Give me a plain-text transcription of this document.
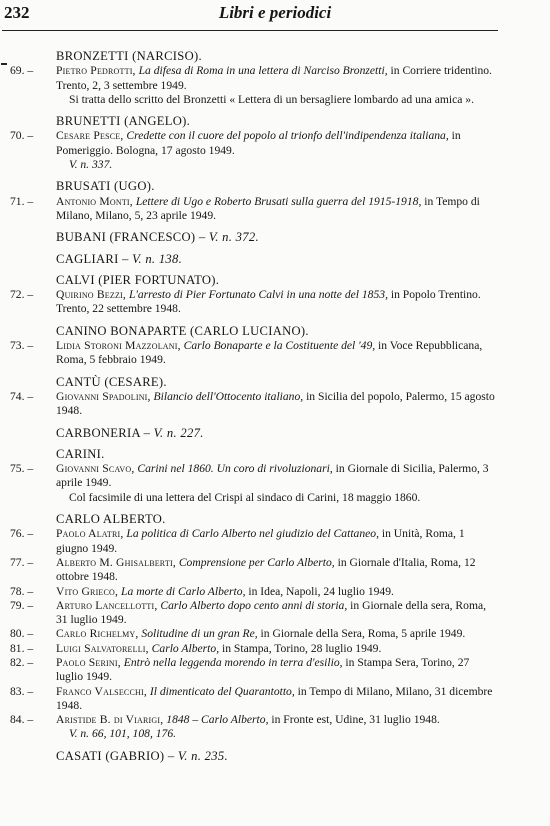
232	Libri e periodici
BRONZETTI (NARCISO).
69. –	Pietro Pedrotti, La difesa di Roma in una lettera di Narciso Bronzetti, in Corriere tridentino. Trento, 2, 3 settembre 1949.
Si tratta dello scritto del Bronzetti « Lettera di un bersagliere lombardo ad una amica ».
BRUNETTI (ANGELO).
70. –	Cesare Pesce, Credette con il cuore del popolo al trionfo dell'indipendenza italiana, in Pomeriggio. Bologna, 17 agosto 1949.
V. n. 337.
BRUSATI (UGO).
71. –	Antonio Monti, Lettere di Ugo e Roberto Brusati sulla guerra del 1915-1918, in Tempo di Milano, Milano, 5, 23 aprile 1949.
BUBANI (FRANCESCO) – V. n. 372.
CAGLIARI – V. n. 138.
CALVI (PIER FORTUNATO).
72. –	Quirino Bezzi, L'arresto di Pier Fortunato Calvi in una notte del 1853, in Popolo Trentino. Trento, 22 settembre 1948.
CANINO BONAPARTE (CARLO LUCIANO).
73. –	Lidia Storoni Mazzolani, Carlo Bonaparte e la Costituente del '49, in Voce Repubblicana, Roma, 5 febbraio 1949.
CANTÙ (CESARE).
74. –	Giovanni Spadolini, Bilancio dell'Ottocento italiano, in Sicilia del popolo, Palermo, 15 agosto 1948.
CARBONERIA – V. n. 227.
CARINI.
75. –	Giovanni Scavo, Carini nel 1860. Un coro di rivoluzionari, in Giornale di Sicilia, Palermo, 3 aprile 1949.
Col facsimile di una lettera del Crispi al sindaco di Carini, 18 maggio 1860.
CARLO ALBERTO.
76. –	Paolo Alatri, La politica di Carlo Alberto nel giudizio del Cattaneo, in Unità, Roma, 1 giugno 1949.
77. –	Alberto M. Ghisalberti, Comprensione per Carlo Alberto, in Giornale d'Italia, Roma, 12 ottobre 1948.
78. –	Vito Grieco, La morte di Carlo Alberto, in Idea, Napoli, 24 luglio 1949.
79. –	Arturo Lancellotti, Carlo Alberto dopo cento anni di storia, in Giornale della sera, Roma, 31 luglio 1949.
80. –	Carlo Richelmy, Solitudine di un gran Re, in Giornale della Sera, Roma, 5 aprile 1949.
81. –	Luigi Salvatorelli, Carlo Alberto, in Stampa, Torino, 28 luglio 1949.
82. –	Paolo Serini, Entrò nella leggenda morendo in terra d'esilio, in Stampa Sera, Torino, 27 luglio 1949.
83. –	Franco Valsecchi, Il dimenticato del Quarantotto, in Tempo di Milano, Milano, 31 dicembre 1948.
84. –	Aristide B. di Viarigi, 1848 – Carlo Alberto, in Fronte est, Udine, 31 luglio 1948.
V. n. 66, 101, 108, 176.
CASATI (GABRIO) – V. n. 235.
